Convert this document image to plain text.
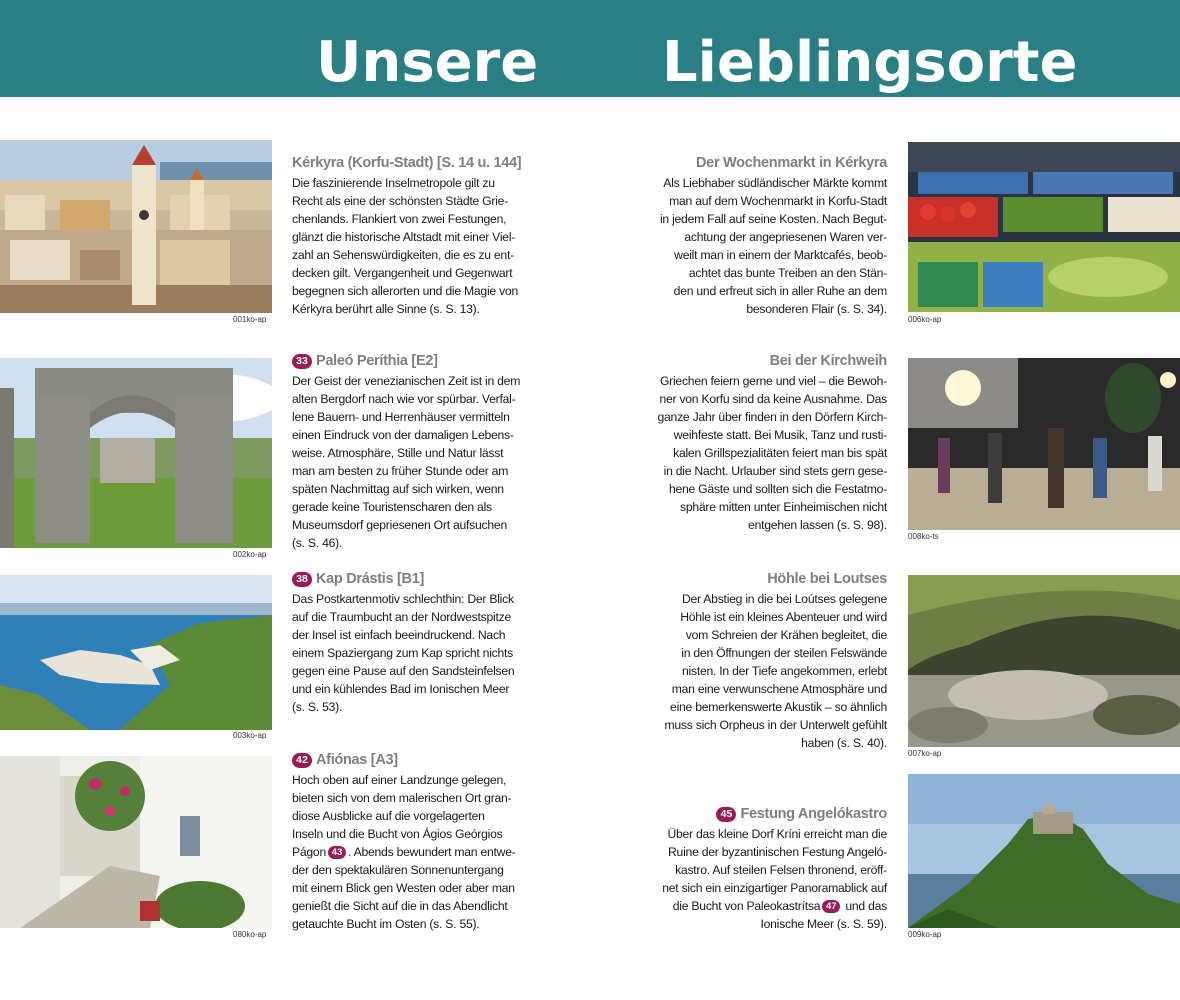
Unsere Lieblingsorte
001ko-ap
Kérkyra (Korfu-Stadt) [S. 14 u. 144]
Die faszinierende Inselmetropole gilt zu
Recht als eine der schönsten Städte Grie-
chenlands. Flankiert von zwei Festungen,
glänzt die historische Altstadt mit einer Viel-
zahl an Sehenswürdigkeiten, die es zu ent-
decken gilt. Vergangenheit und Gegenwart
begegnen sich allerorten und die Magie von
Kérkyra berührt alle Sinne (s. S. 13).
002ko-ap
33 Paleó Períthia [E2]
Der Geist der venezianischen Zeit ist in dem
alten Bergdorf nach wie vor spürbar. Verfal-
lene Bauern- und Herrenhäuser vermitteln
einen Eindruck von der damaligen Lebens-
weise. Atmosphäre, Stille und Natur lässt
man am besten zu früher Stunde oder am
späten Nachmittag auf sich wirken, wenn
gerade keine Touristenscharen den als
Museumsdorf gepriesenen Ort aufsuchen
(s. S. 46).
003ko-ap
38 Kap Drástis [B1]
Das Postkartenmotiv schlechthin: Der Blick
auf die Traumbucht an der Nordwestspitze
der Insel ist einfach beeindruckend. Nach
einem Spaziergang zum Kap spricht nichts
gegen eine Pause auf den Sandsteinfelsen
und ein kühlendes Bad im Ionischen Meer
(s. S. 53).
080ko-ap
42 Afiónas [A3]
Hoch oben auf einer Landzunge gelegen,
bieten sich von dem malerischen Ort gran-
diose Ausblicke auf die vorgelagerten
Inseln und die Bucht von Ágios Geórgios
Págon 43 . Abends bewundert man entwe-
der den spektakulären Sonnenuntergang
mit einem Blick gen Westen oder aber man
genießt die Sicht auf die in das Abendlicht
getauchte Bucht im Osten (s. S. 55).
Der Wochenmarkt in Kérkyra
Als Liebhaber südländischer Märkte kommt
man auf dem Wochenmarkt in Korfu-Stadt
in jedem Fall auf seine Kosten. Nach Begut-
achtung der angepriesenen Waren ver-
weilt man in einem der Marktcafés, beob-
achtet das bunte Treiben an den Stän-
den und erfreut sich in aller Ruhe an dem
besonderen Flair (s. S. 34).
006ko-ap
Bei der Kirchweih
Griechen feiern gerne und viel – die Bewoh-
ner von Korfu sind da keine Ausnahme. Das
ganze Jahr über finden in den Dörfern Kirch-
weihfeste statt. Bei Musik, Tanz und rusti-
kalen Grillspezialitäten feiert man bis spät
in die Nacht. Urlauber sind stets gern gese-
hene Gäste und sollten sich die Festatmo-
sphäre mitten unter Einheimischen nicht
entgehen lassen (s. S. 98).
008ko-ts
Höhle bei Loutses
Der Abstieg in die bei Loútses gelegene
Höhle ist ein kleines Abenteuer und wird
vom Schreien der Krähen begleitet, die
in den Öffnungen der steilen Felswände
nisten. In der Tiefe angekommen, erlebt
man eine verwunschene Atmosphäre und
eine bemerkenswerte Akustik – so ähnlich
muss sich Orpheus in der Unterwelt gefühlt
haben (s. S. 40).
007ko-ap
45 Festung Angelókastro
Über das kleine Dorf Kríni erreicht man die
Ruine der byzantinischen Festung Angeló-
kastro. Auf steilen Felsen thronend, eröff-
net sich ein einzigartiger Panoramablick auf
die Bucht von Paleokastrítsa 47 und das
Ionische Meer (s. S. 59).
009ko-ap
